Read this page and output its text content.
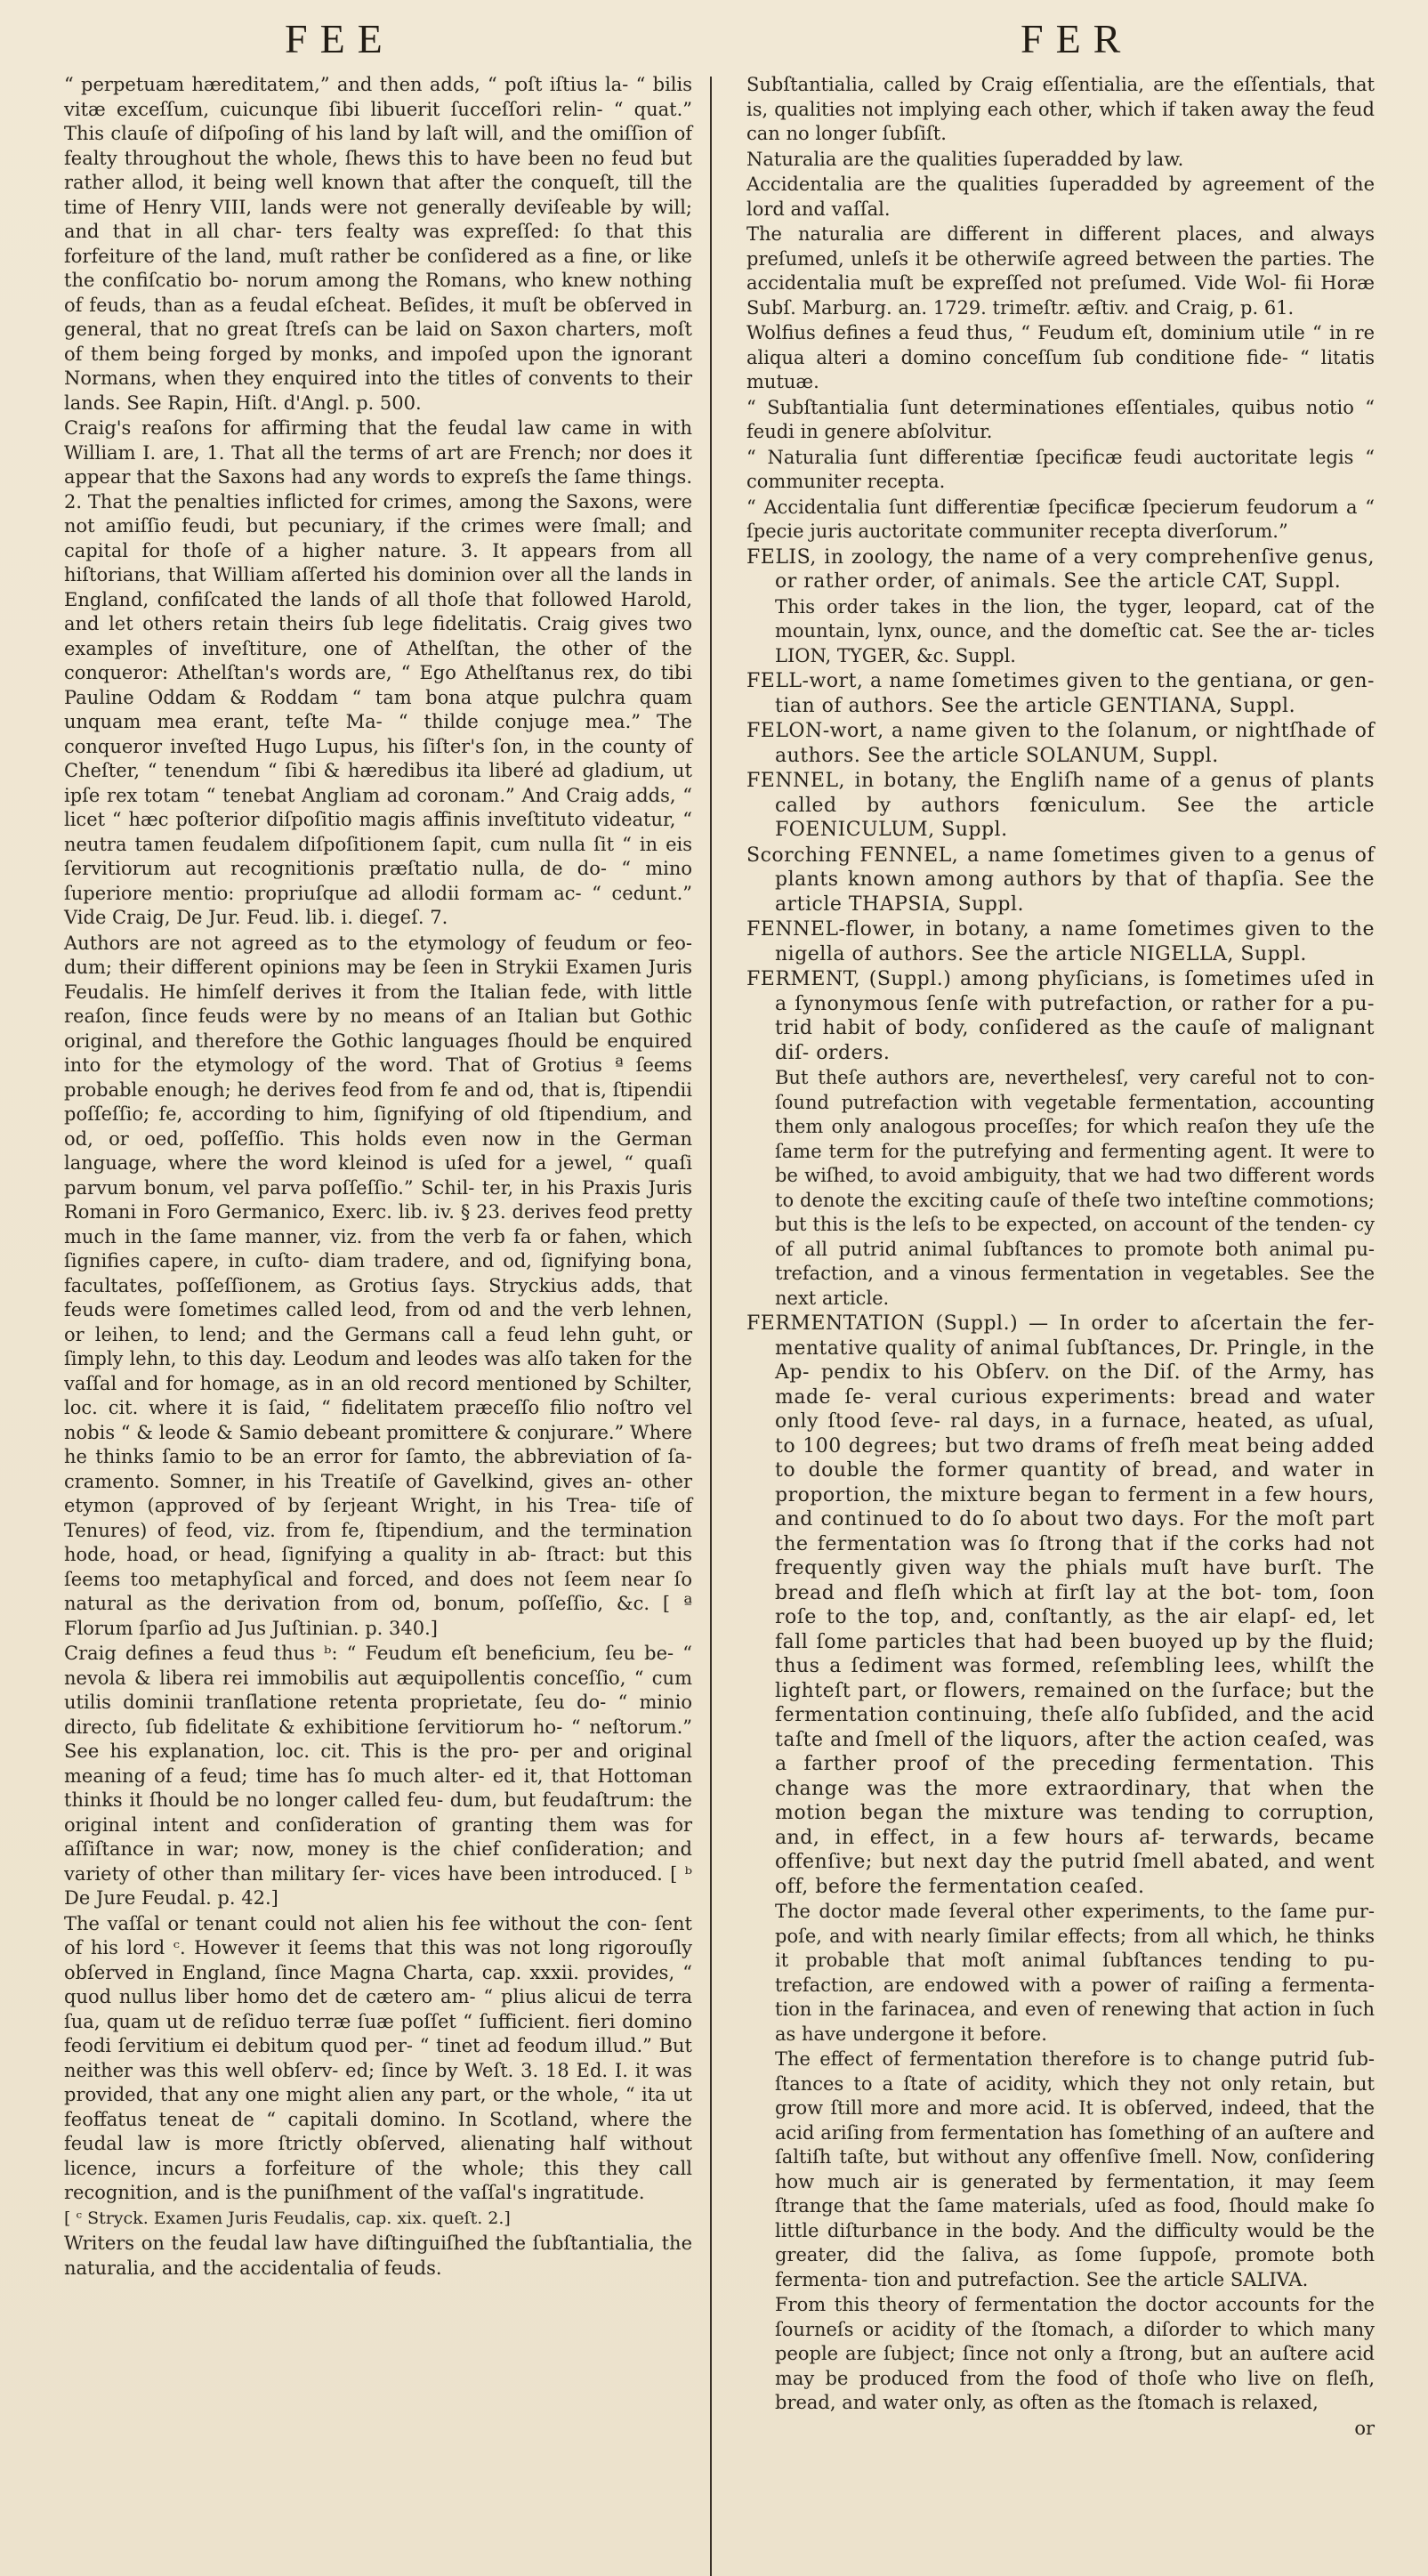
FEE	FER

“ perpetuam hæreditatem,” and then adds, “ poſt iſtius la- “ bilis vitæ exceſſum, cuicunque ſibi libuerit ſucceſſori relin- “ quat.” This clauſe of diſpoſing of his land by laſt will, and the omiſſion of fealty throughout the whole, ſhews this to have been no feud but rather allod, it being well known that after the conqueſt, till the time of Henry VIII, lands were not generally deviſeable by will; and that in all char- ters fealty was expreſſed: ſo that this forfeiture of the land, muſt rather be conſidered as a fine, or like the confiſcatio bo- norum among the Romans, who knew nothing of feuds, than as a feudal eſcheat. Beſides, it muſt be obſerved in general, that no great ſtreſs can be laid on Saxon charters, moſt of them being forged by monks, and impoſed upon the ignorant Normans, when they enquired into the titles of convents to their lands. See Rapin, Hiſt. d'Angl. p. 500.

Craig's reaſons for affirming that the feudal law came in with William I. are, 1. That all the terms of art are French; nor does it appear that the Saxons had any words to expreſs the ſame things. 2. That the penalties inflicted for crimes, among the Saxons, were not amiſſio feudi, but pecuniary, if the crimes were ſmall; and capital for thoſe of a higher nature. 3. It appears from all hiſtorians, that William aſſerted his dominion over all the lands in England, confiſcated the lands of all thoſe that followed Harold, and let others retain theirs ſub lege fidelitatis. Craig gives two examples of inveſtiture, one of Athelſtan, the other of the conqueror: Athelſtan's words are, “ Ego Athelſtanus rex, do tibi Pauline Oddam & Roddam “ tam bona atque pulchra quam unquam mea erant, teſte Ma- “ thilde conjuge mea.” The conqueror inveſted Hugo Lupus, his ſiſter's ſon, in the county of Cheſter, “ tenendum “ ſibi & hæredibus ita liberé ad gladium, ut ipſe rex totam “ tenebat Angliam ad coronam.” And Craig adds, “ licet “ hæc poſterior diſpoſitio magis affinis inveſtituto videatur, “ neutra tamen feudalem diſpoſitionem ſapit, cum nulla ſit “ in eis ſervitiorum aut recognitionis præſtatio nulla, de do- “ mino ſuperiore mentio: propriuſque ad allodii formam ac- “ cedunt.” Vide Craig, De Jur. Feud. lib. i. diegeſ. 7.

Authors are not agreed as to the etymology of feudum or feo- dum; their different opinions may be ſeen in Strykii Examen Juris Feudalis. He himſelf derives it from the Italian fede, with little reaſon, ſince feuds were by no means of an Italian but Gothic original, and therefore the Gothic languages ſhould be enquired into for the etymology of the word. That of Grotius ª ſeems probable enough; he derives feod from fe and od, that is, ſtipendii poſſeſſio; fe, according to him, ſignifying of old ſtipendium, and od, or oed, poſſeſſio. This holds even now in the German language, where the word kleinod is uſed for a jewel, “ quaſi parvum bonum, vel parva poſſeſſio.” Schil- ter, in his Praxis Juris Romani in Foro Germanico, Exerc. lib. iv. § 23. derives feod pretty much in the ſame manner, viz. from the verb fa or fahen, which ſignifies capere, in cuſto- diam tradere, and od, ſignifying bona, facultates, poſſeſſionem, as Grotius ſays. Stryckius adds, that feuds were ſometimes called leod, from od and the verb lehnen, or leihen, to lend; and the Germans call a feud lehn guht, or ſimply lehn, to this day. Leodum and leodes was alſo taken for the vaſſal and for homage, as in an old record mentioned by Schilter, loc. cit. where it is ſaid, “ fidelitatem præceſſo filio noſtro vel nobis “ & leode & Samio debeant promittere & conjurare.” Where he thinks ſamio to be an error for ſamto, the abbreviation of ſa- cramento. Somner, in his Treatiſe of Gavelkind, gives an- other etymon (approved of by ſerjeant Wright, in his Trea- tiſe of Tenures) of feod, viz. from fe, ſtipendium, and the termination hode, hoad, or head, ſignifying a quality in ab- ſtract: but this ſeems too metaphyſical and forced, and does not ſeem near ſo natural as the derivation from od, bonum, poſſeſſio, &c. [ ª Florum ſparſio ad Jus Juſtinian. p. 340.]

Craig defines a feud thus ᵇ: “ Feudum eſt beneficium, ſeu be- “ nevola & libera rei immobilis aut æquipollentis conceſſio, “ cum utilis dominii tranſlatione retenta proprietate, ſeu do- “ minio directo, ſub fidelitate & exhibitione ſervitiorum ho- “ neſtorum.” See his explanation, loc. cit. This is the pro- per and original meaning of a feud; time has ſo much alter- ed it, that Hottoman thinks it ſhould be no longer called feu- dum, but feudaſtrum: the original intent and conſideration of granting them was for aſſiſtance in war; now, money is the chief conſideration; and variety of other than military ſer- vices have been introduced. [ ᵇ De Jure Feudal. p. 42.]

The vaſſal or tenant could not alien his fee without the con- ſent of his lord ᶜ. However it ſeems that this was not long rigorouſly obſerved in England, ſince Magna Charta, cap. xxxii. provides, “ quod nullus liber homo det de cætero am- “ plius alicui de terra ſua, quam ut de reſiduo terræ ſuæ poſſet “ ſufficient. fieri domino feodi ſervitium ei debitum quod per- “ tinet ad feodum illud.” But neither was this well obſerv- ed; ſince by Weſt. 3. 18 Ed. I. it was provided, that any one might alien any part, or the whole, “ ita ut feoffatus teneat de “ capitali domino. In Scotland, where the feudal law is more ſtrictly obſerved, alienating half without licence, incurs a forfeiture of the whole; this they call recognition, and is the puniſhment of the vaſſal's ingratitude.

[ ᶜ Stryck. Examen Juris Feudalis, cap. xix. queſt. 2.]

Writers on the feudal law have diſtinguiſhed the ſubſtantialia, the naturalia, and the accidentalia of feuds.

Subſtantialia, called by Craig eſſentialia, are the eſſentials, that is, qualities not implying each other, which if taken away the feud can no longer ſubſiſt.

Naturalia are the qualities ſuperadded by law.

Accidentalia are the qualities ſuperadded by agreement of the lord and vaſſal.

The naturalia are different in different places, and always preſumed, unleſs it be otherwiſe agreed between the parties. The accidentalia muſt be expreſſed not preſumed. Vide Wol- fii Horæ Subſ. Marburg. an. 1729. trimeſtr. æſtiv. and Craig, p. 61.

Wolfius defines a feud thus, “ Feudum eſt, dominium utile “ in re aliqua alteri a domino conceſſum ſub conditione fide- “ litatis mutuæ.

“ Subſtantialia ſunt determinationes eſſentiales, quibus notio “ feudi in genere abſolvitur.

“ Naturalia ſunt differentiæ ſpecificæ feudi auctoritate legis “ communiter recepta.

“ Accidentalia ſunt differentiæ ſpecificæ ſpecierum feudorum a “ ſpecie juris auctoritate communiter recepta diverſorum.”

FELIS, in zoology, the name of a very comprehenſive genus, or rather order, of animals. See the article CAT, Suppl.

This order takes in the lion, the tyger, leopard, cat of the mountain, lynx, ounce, and the domeſtic cat. See the ar- ticles LION, TYGER, &c. Suppl.

FELL-wort, a name ſometimes given to the gentiana, or gen- tian of authors. See the article GENTIANA, Suppl.

FELON-wort, a name given to the ſolanum, or nightſhade of authors. See the article SOLANUM, Suppl.

FENNEL, in botany, the Engliſh name of a genus of plants called by authors fœniculum. See the article FOENICULUM, Suppl.

Scorching FENNEL, a name ſometimes given to a genus of plants known among authors by that of thapſia. See the article THAPSIA, Suppl.

FENNEL-flower, in botany, a name ſometimes given to the nigella of authors. See the article NIGELLA, Suppl.

FERMENT, (Suppl.) among phyſicians, is ſometimes uſed in a ſynonymous ſenſe with putrefaction, or rather for a pu- trid habit of body, conſidered as the cauſe of malignant diſ- orders.

But theſe authors are, neverthelesſ, very careful not to con- ſound putrefaction with vegetable fermentation, accounting them only analogous proceſſes; for which reaſon they uſe the ſame term for the putrefying and fermenting agent. It were to be wiſhed, to avoid ambiguity, that we had two different words to denote the exciting cauſe of theſe two inteſtine commotions; but this is the leſs to be expected, on account of the tenden- cy of all putrid animal ſubſtances to promote both animal pu- trefaction, and a vinous fermentation in vegetables. See the next article.

FERMENTATION (Suppl.) — In order to aſcertain the fer- mentative quality of animal ſubſtances, Dr. Pringle, in the Ap- pendix to his Obſerv. on the Diſ. of the Army, has made ſe- veral curious experiments: bread and water only ſtood ſeve- ral days, in a furnace, heated, as uſual, to 100 degrees; but two drams of freſh meat being added to double the former quantity of bread, and water in proportion, the mixture began to ferment in a few hours, and continued to do ſo about two days. For the moſt part the fermentation was ſo ſtrong that if the corks had not frequently given way the phials muſt have burſt. The bread and fleſh which at firſt lay at the bot- tom, ſoon roſe to the top, and, conſtantly, as the air elapſ- ed, let fall ſome particles that had been buoyed up by the fluid; thus a ſediment was formed, reſembling lees, whilſt the lighteſt part, or flowers, remained on the ſurface; but the fermentation continuing, theſe alſo ſubſided, and the acid taſte and ſmell of the liquors, after the action ceaſed, was a farther proof of the preceding fermentation. This change was the more extraordinary, that when the motion began the mixture was tending to corruption, and, in effect, in a few hours af- terwards, became offenſive; but next day the putrid ſmell abated, and went off, before the fermentation ceaſed.

The doctor made ſeveral other experiments, to the ſame pur- poſe, and with nearly ſimilar effects; from all which, he thinks it probable that moſt animal ſubſtances tending to pu- trefaction, are endowed with a power of raiſing a fermenta- tion in the farinacea, and even of renewing that action in ſuch as have undergone it before.

The effect of fermentation therefore is to change putrid ſub- ſtances to a ſtate of acidity, which they not only retain, but grow ſtill more and more acid. It is obſerved, indeed, that the acid ariſing from fermentation has ſomething of an auſtere and ſaltiſh taſte, but without any offenſive ſmell. Now, conſidering how much air is generated by fermentation, it may ſeem ſtrange that the ſame materials, uſed as food, ſhould make ſo little diſturbance in the body. And the difficulty would be the greater, did the ſaliva, as ſome ſuppoſe, promote both fermenta- tion and putrefaction. See the article SALIVA.

From this theory of fermentation the doctor accounts for the ſourneſs or acidity of the ſtomach, a diſorder to which many people are ſubject; ſince not only a ſtrong, but an auſtere acid may be produced from the food of thoſe who live on fleſh, bread, and water only, as often as the ſtomach is relaxed,

or
